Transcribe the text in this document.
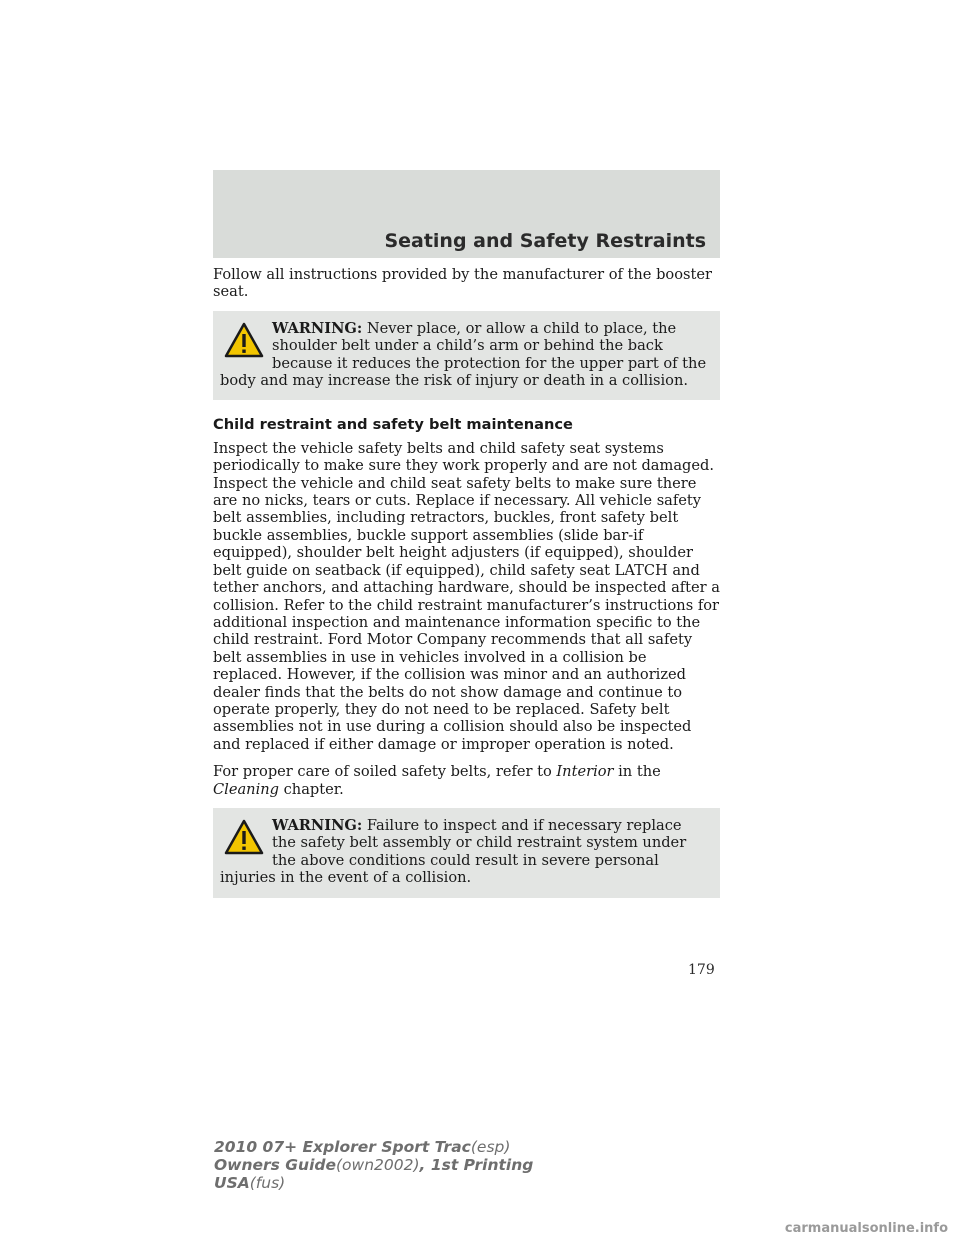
Seating and Safety Restraints

Follow all instructions provided by the manufacturer of the booster seat.

WARNING: Never place, or allow a child to place, the shoulder belt under a child’s arm or behind the back because it reduces the protection for the upper part of the body and may increase the risk of injury or death in a collision.

Child restraint and safety belt maintenance

Inspect the vehicle safety belts and child safety seat systems periodically to make sure they work properly and are not damaged. Inspect the vehicle and child seat safety belts to make sure there are no nicks, tears or cuts. Replace if necessary. All vehicle safety belt assemblies, including retractors, buckles, front safety belt buckle assemblies, buckle support assemblies (slide bar-if equipped), shoulder belt height adjusters (if equipped), shoulder belt guide on seatback (if equipped), child safety seat LATCH and tether anchors, and attaching hardware, should be inspected after a collision. Refer to the child restraint manufacturer’s instructions for additional inspection and maintenance information specific to the child restraint. Ford Motor Company recommends that all safety belt assemblies in use in vehicles involved in a collision be replaced. However, if the collision was minor and an authorized dealer finds that the belts do not show damage and continue to operate properly, they do not need to be replaced. Safety belt assemblies not in use during a collision should also be inspected and replaced if either damage or improper operation is noted.

For proper care of soiled safety belts, refer to Interior in the Cleaning chapter.

WARNING: Failure to inspect and if necessary replace the safety belt assembly or child restraint system under the above conditions could result in severe personal injuries in the event of a collision.

179
2010 07+ Explorer Sport Trac(esp)
Owners Guide(own2002), 1st Printing
USA(fus)
carmanualsonline.info
